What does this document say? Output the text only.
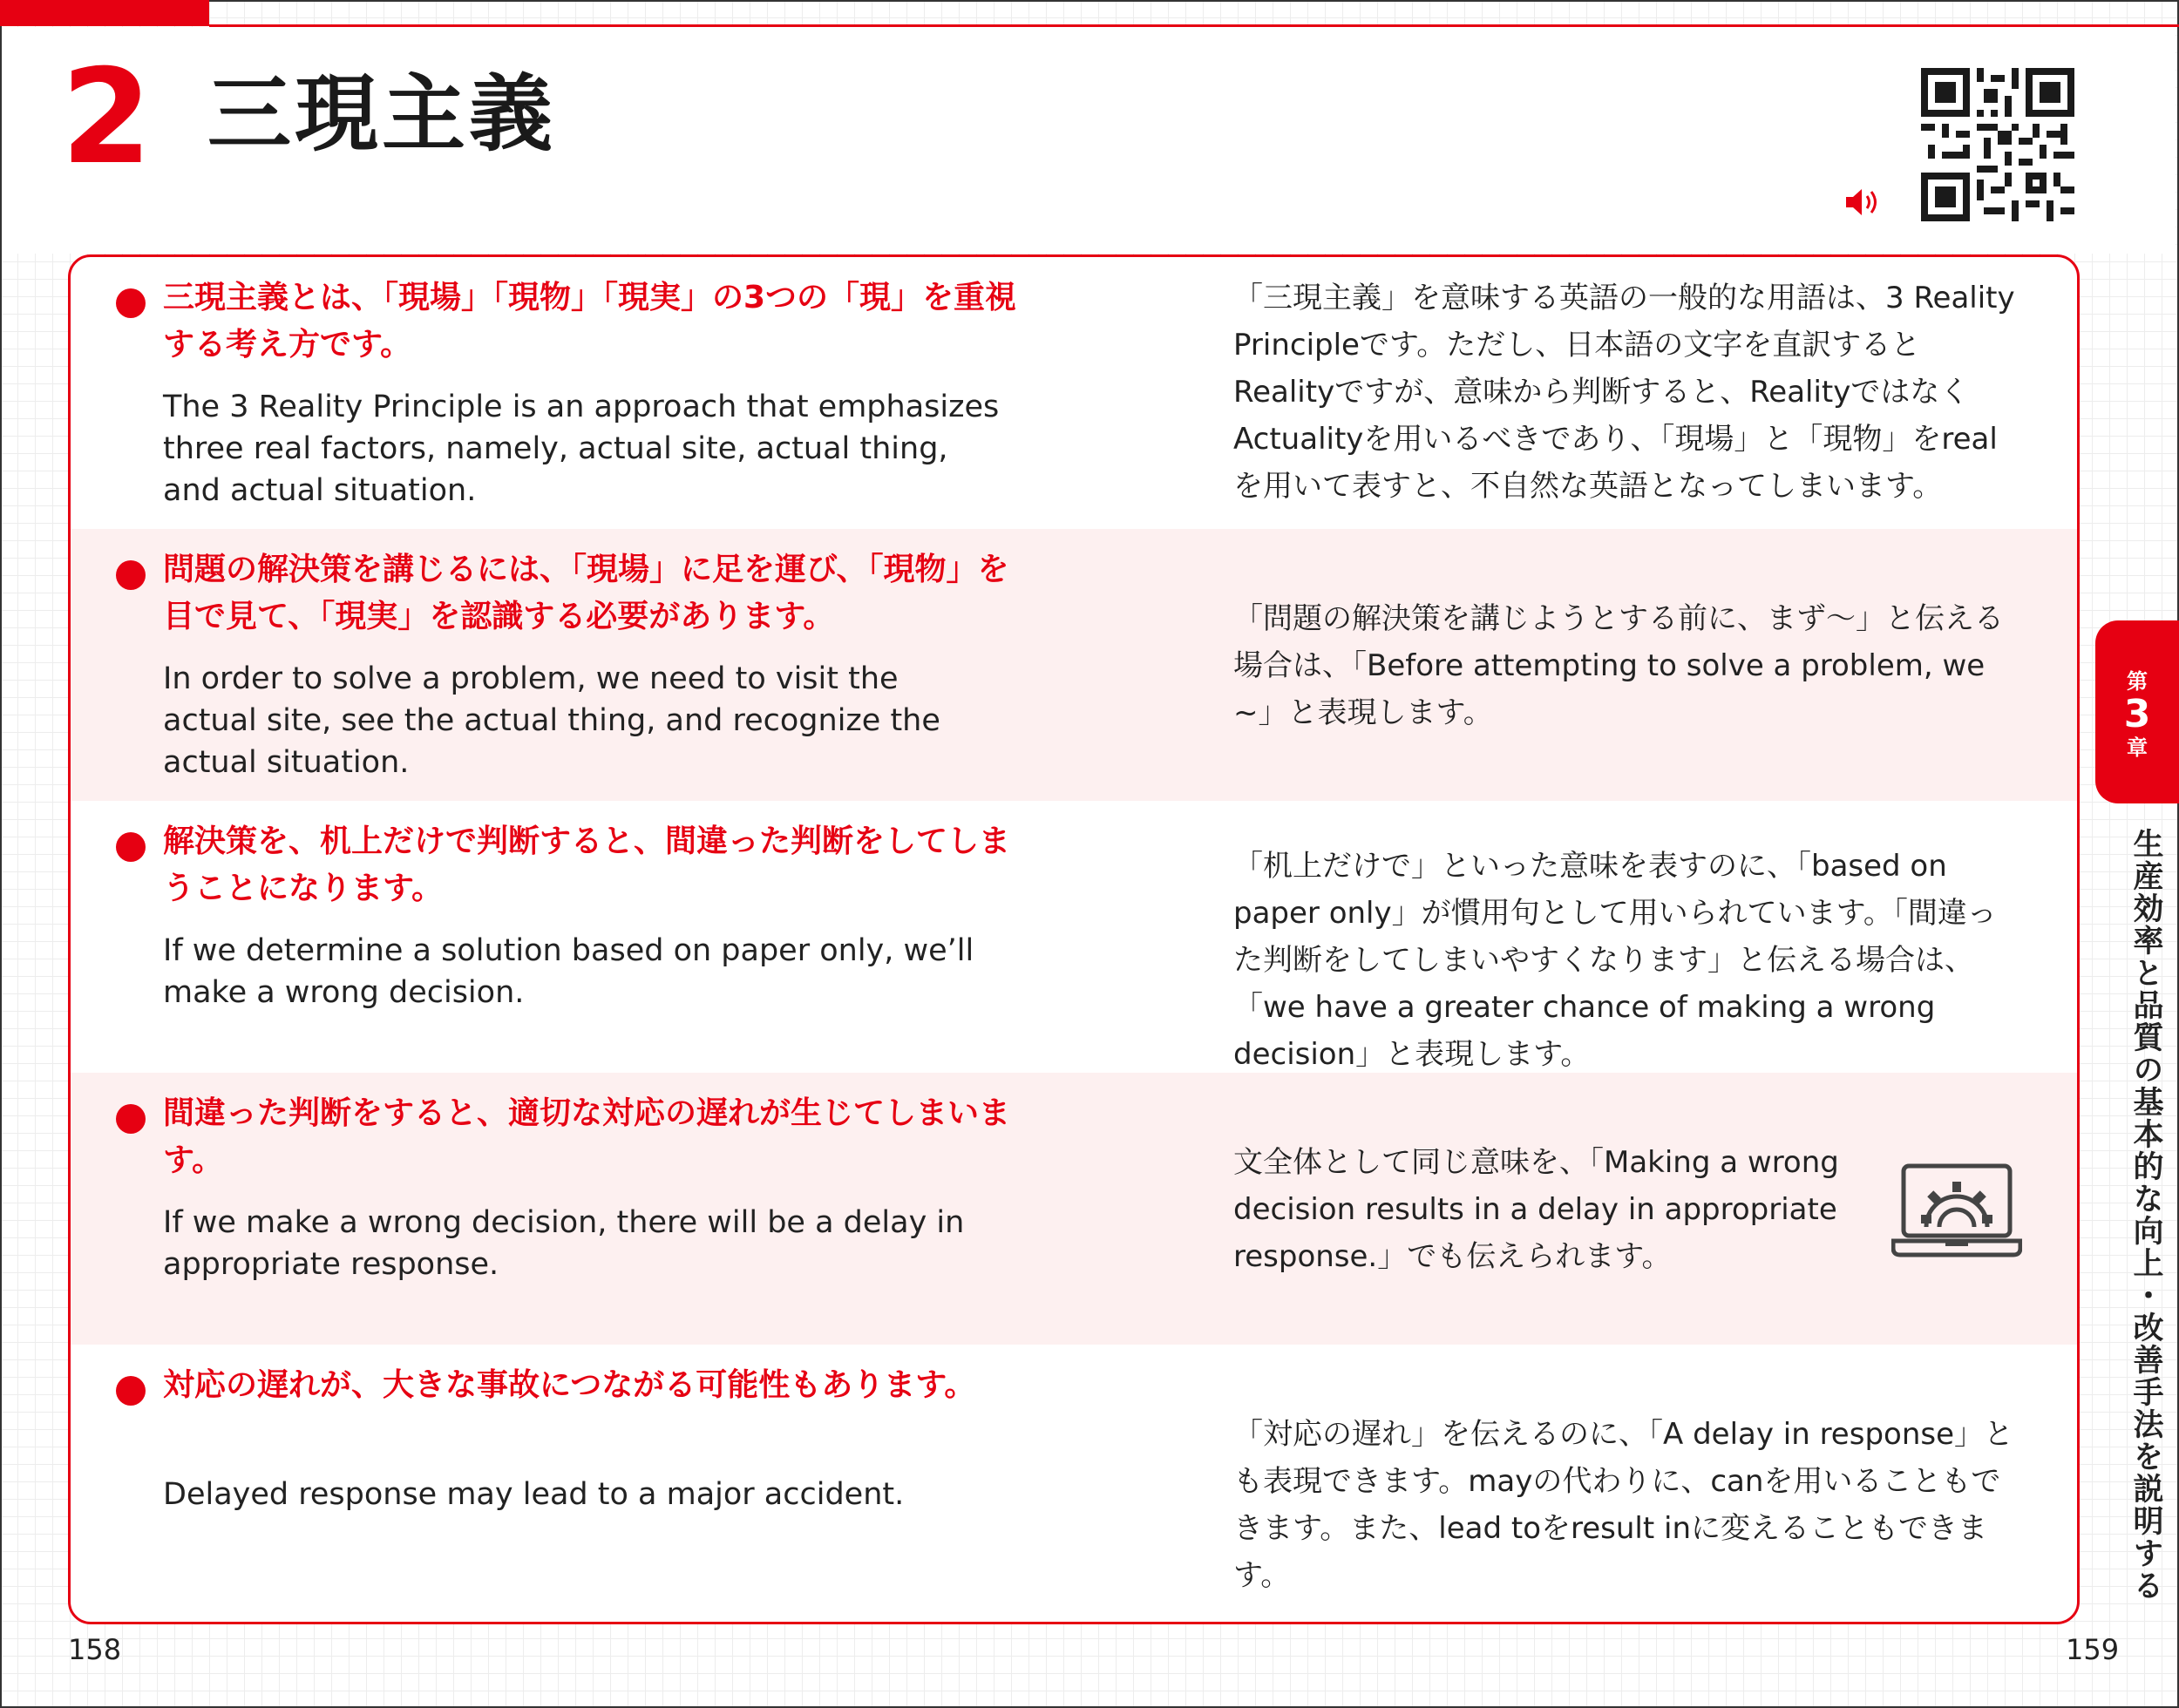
2 三現主義
三現主義とは、「現場」「現物」「現実」の3つの「現」を重視する考え方です。
The 3 Reality Principle is an approach that emphasizes three real factors, namely, actual site, actual thing, and actual situation.
「三現主義」を意味する英語の一般的な用語は、3 Reality Principleです。ただし、日本語の文字を直訳するとRealityですが、意味から判断すると、RealityではなくActualityを用いるべきであり、「現場」と「現物」をrealを用いて表すと、不自然な英語となってしまいます。
問題の解決策を講じるには、「現場」に足を運び、「現物」を目で見て、「現実」を認識する必要があります。
In order to solve a problem, we need to visit the actual site, see the actual thing, and recognize the actual situation.
「問題の解決策を講じようとする前に、まず〜」と伝える場合は、「Before attempting to solve a problem, we ~」と表現します。
解決策を、机上だけで判断すると、間違った判断をしてしまうことになります。
If we determine a solution based on paper only, we’ll make a wrong decision.
「机上だけで」といった意味を表すのに、「based on paper only」が慣用句として用いられています。「間違った判断をしてしまいやすくなります」と伝える場合は、「we have a greater chance of making a wrong decision」と表現します。
間違った判断をすると、適切な対応の遅れが生じてしまいます。
If we make a wrong decision, there will be a delay in appropriate response.
文全体として同じ意味を、「Making a wrong decision results in a delay in appropriate response.」でも伝えられます。
対応の遅れが、大きな事故につながる可能性もあります。
Delayed response may lead to a major accident.
「対応の遅れ」を伝えるのに、「A delay in response」とも表現できます。mayの代わりに、canを用いることもできます。また、lead toをresult inに変えることもできます。
第
3
章
生産効率と品質の基本的な向上・改善手法を説明する
158	159
